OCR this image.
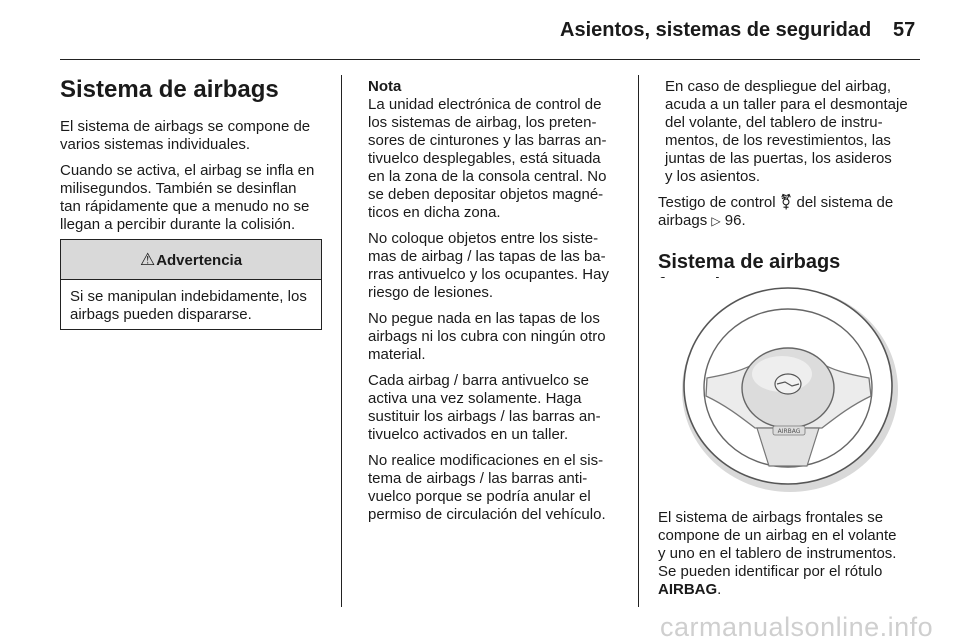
Asientos, sistemas de seguridad 57
Sistema de airbags

El sistema de airbags se compone de
varios sistemas individuales.

Cuando se activa, el airbag se infla en
milisegundos. También se desinflan
tan rápidamente que a menudo no se
llegan a percibir durante la colisión.

⚠Advertencia
Si se manipulan indebidamente, los airbags pueden dispararse.

Nota
La unidad electrónica de control de
los sistemas de airbag, los preten-
sores de cinturones y las barras an-
tivuelco desplegables, está situada
en la zona de la consola central. No
se deben depositar objetos magné-
ticos en dicha zona.

No coloque objetos entre los siste-
mas de airbag / las tapas de las ba-
rras antivuelco y los ocupantes. Hay
riesgo de lesiones.

No pegue nada en las tapas de los
airbags ni los cubra con ningún otro
material.

Cada airbag / barra antivuelco se
activa una vez solamente. Haga
sustituir los airbags / las barras an-
tivuelco activados en un taller.

No realice modificaciones en el sis-
tema de airbags / las barras anti-
vuelco porque se podría anular el
permiso de circulación del vehículo.

En caso de despliegue del airbag,
acuda a un taller para el desmontaje
del volante, del tablero de instru-
mentos, de los revestimientos, las
juntas de las puertas, los asideros
y los asientos.

Testigo de control ⚧ del sistema de
airbags ▷ 96.

Sistema de airbags
AIRBAG

El sistema de airbags frontales se
compone de un airbag en el volante
y uno en el tablero de instrumentos.
Se pueden identificar por el rótulo
AIRBAG.

carmanualsonline.info
